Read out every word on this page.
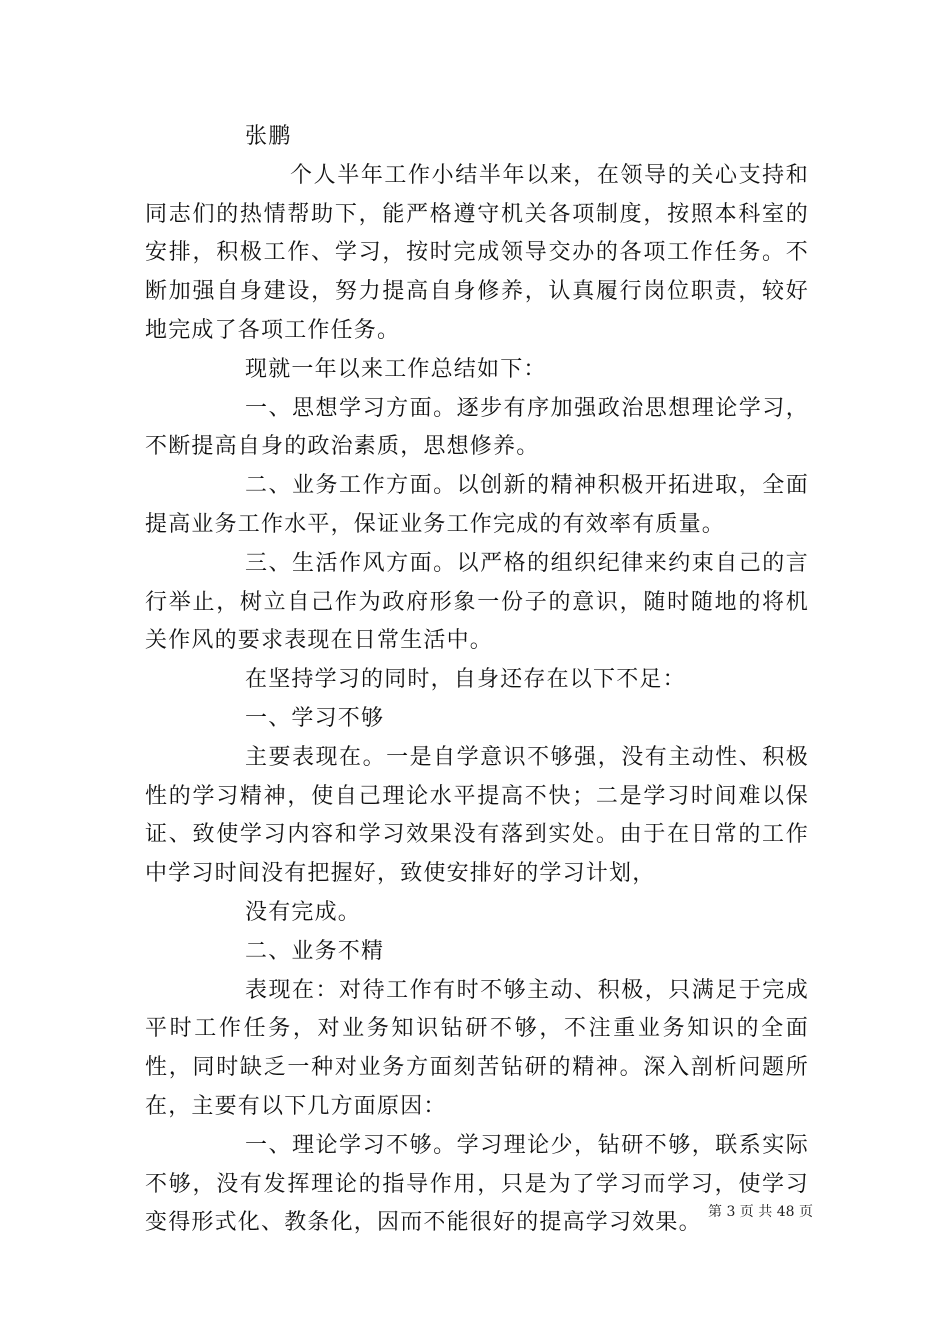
张鹏

个人半年工作小结半年以来，在领导的关心支持和同志们的热情帮助下，能严格遵守机关各项制度，按照本科室的安排，积极工作、学习，按时完成领导交办的各项工作任务。不断加强自身建设，努力提高自身修养，认真履行岗位职责，较好地完成了各项工作任务。

现就一年以来工作总结如下：

一、思想学习方面。逐步有序加强政治思想理论学习，不断提高自身的政治素质，思想修养。

二、业务工作方面。以创新的精神积极开拓进取，全面提高业务工作水平，保证业务工作完成的有效率有质量。

三、生活作风方面。以严格的组织纪律来约束自己的言行举止，树立自己作为政府形象一份子的意识，随时随地的将机关作风的要求表现在日常生活中。

在坚持学习的同时，自身还存在以下不足：

一、学习不够

主要表现在。一是自学意识不够强，没有主动性、积极性的学习精神，使自己理论水平提高不快；二是学习时间难以保证、致使学习内容和学习效果没有落到实处。由于在日常的工作中学习时间没有把握好，致使安排好的学习计划，

没有完成。

二、业务不精

表现在：对待工作有时不够主动、积极，只满足于完成平时工作任务，对业务知识钻研不够，不注重业务知识的全面性，同时缺乏一种对业务方面刻苦钻研的精神。深入剖析问题所在，主要有以下几方面原因：

一、理论学习不够。学习理论少，钻研不够，联系实际不够，没有发挥理论的指导作用，只是为了学习而学习，使学习变得形式化、教条化，因而不能很好的提高学习效果。 第 3 页 共 48 页
